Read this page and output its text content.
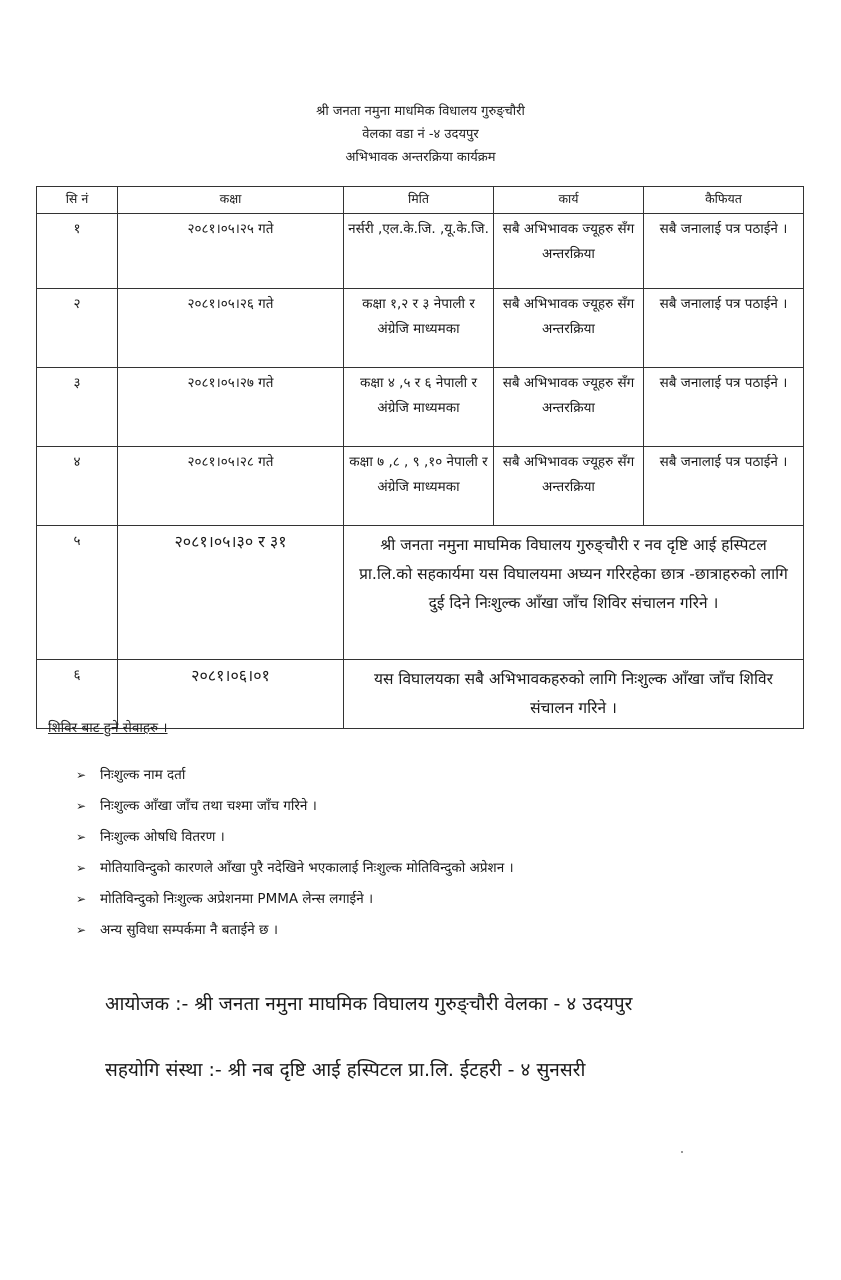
श्री जनता नमुना माधमिक विधालय गुरुङ्चौरी
वेलका वडा नं -४ उदयपुर
अभिभावक अन्तरक्रिया कार्यक्रम
सि नं	कक्षा	मिति	कार्य	कैफियत
१	२०८१।०५।२५ गते	नर्सरी ,एल.के.जि. ,यू.के.जि.	सबै अभिभावक ज्यूहरु सँग अन्तरक्रिया	सबै जनालाई पत्र पठाईने ।
२	२०८१।०५।२६ गते	कक्षा १,२ र ३ नेपाली र अंग्रेजि माध्यमका	सबै अभिभावक ज्यूहरु सँग अन्तरक्रिया	सबै जनालाई पत्र पठाईने ।
३	२०८१।०५।२७ गते	कक्षा ४ ,५ र ६ नेपाली र अंग्रेजि माध्यमका	सबै अभिभावक ज्यूहरु सँग अन्तरक्रिया	सबै जनालाई पत्र पठाईने ।
४	२०८१।०५।२८ गते	कक्षा ७ ,८ , ९ ,१० नेपाली र अंग्रेजि माध्यमका	सबै अभिभावक ज्यूहरु सँग अन्तरक्रिया	सबै जनालाई पत्र पठाईने ।
५	२०८१।०५।३० र ३१	श्री जनता नमुना माघमिक विघालय गुरुङ्चौरी र नव दृष्टि आई हस्पिटल प्रा.लि.को सहकार्यमा यस विघालयमा अघ्यन गरिरहेका छात्र -छात्राहरुको लागि दुई दिने निःशुल्क आँखा जाँच शिविर संचालन गरिने ।		
६	२०८१।०६।०१	यस विघालयका सबै अभिभावकहरुको लागि निःशुल्क आँखा जाँच शिविर संचालन गरिने ।		
शिविर बाट हुने सेवाहरु ।
➢ निःशुल्क नाम दर्ता
➢ निःशुल्क आँखा जाँच तथा चश्मा जाँच गरिने ।
➢ निःशुल्क ओषधि वितरण ।
➢ मोतियाविन्दुको कारणले आँखा पुरै नदेखिने भएकालाई निःशुल्क मोतिविन्दुको अप्रेशन ।
➢ मोतिविन्दुको निःशुल्क अप्रेशनमा PMMA लेन्स लगाईने ।
➢ अन्य सुविधा सम्पर्कमा नै बताईने छ ।
आयोजक :- श्री जनता नमुना माघमिक विघालय गुरुङ्चौरी वेलका - ४ उदयपुर
सहयोगि संस्था :- श्री नब दृष्टि आई हस्पिटल प्रा.लि. ईटहरी - ४ सुनसरी
